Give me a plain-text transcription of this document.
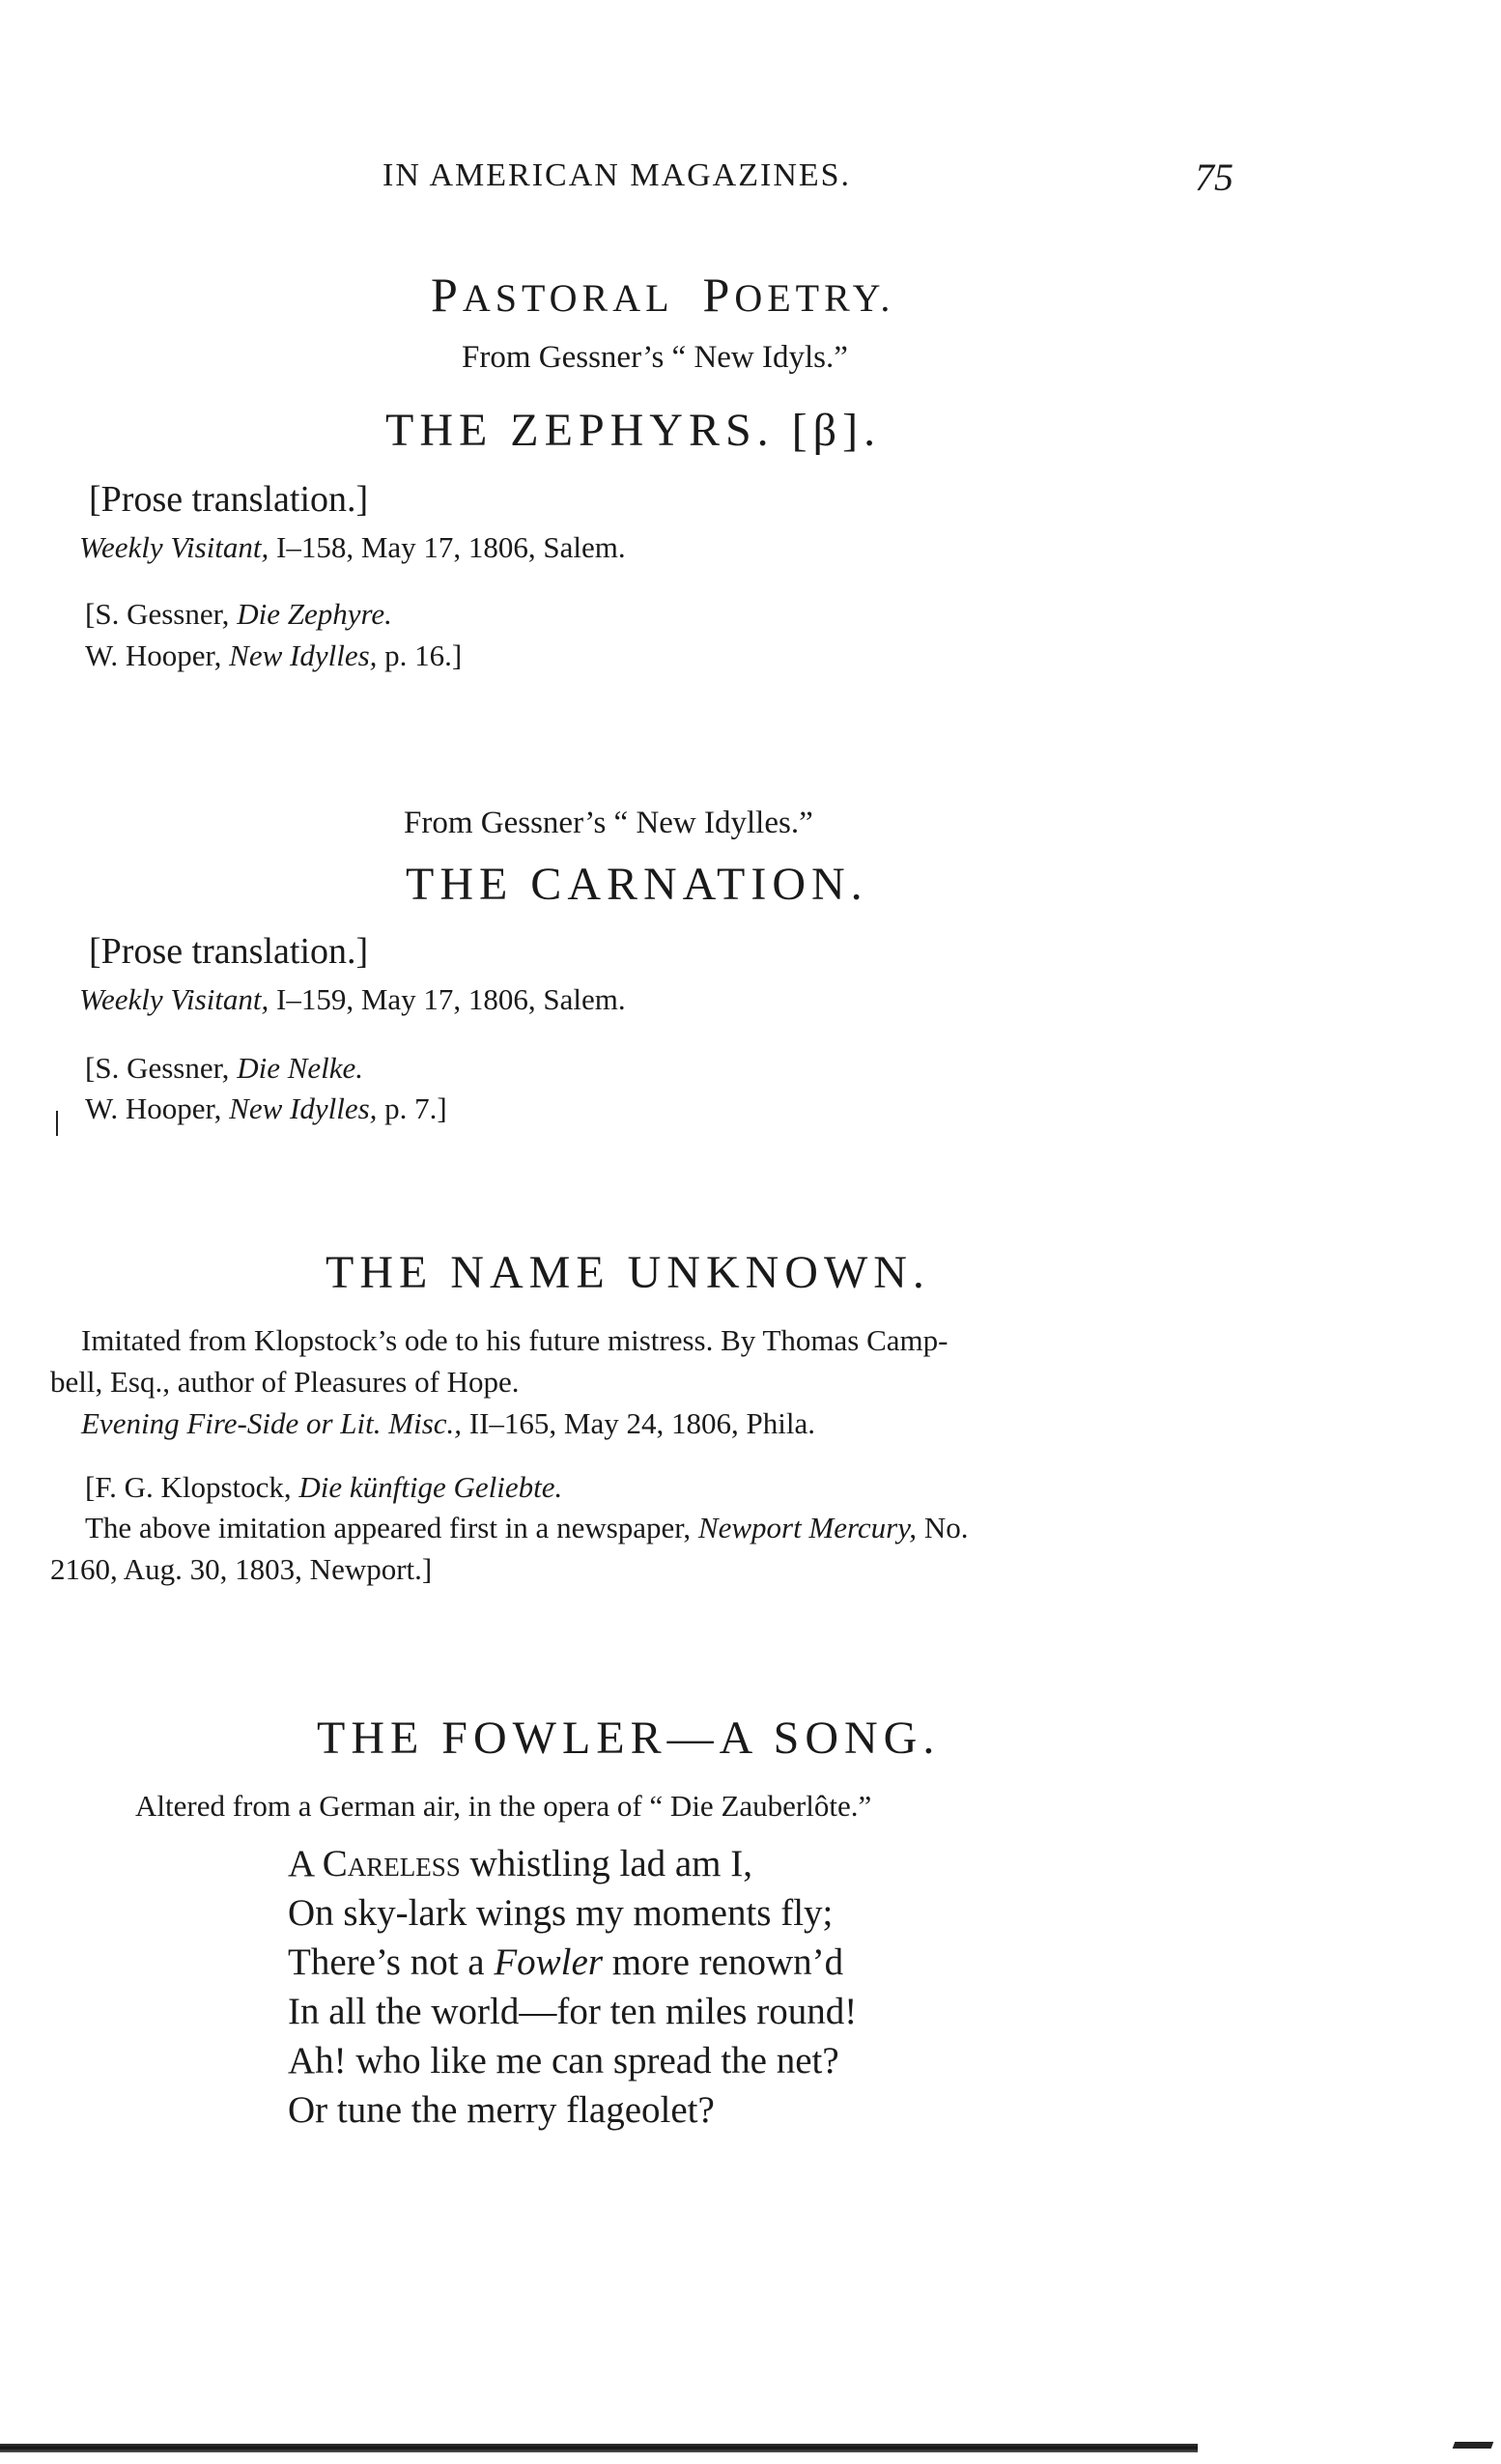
IN AMERICAN MAGAZINES.	75
PASTORAL POETRY.
From Gessner’s “ New Idyls.”
THE ZEPHYRS. [β].
[Prose translation.]
Weekly Visitant, I–158, May 17, 1806, Salem.
[S. Gessner, Die Zephyre.
W. Hooper, New Idylles, p. 16.]
From Gessner’s “ New Idylles.”
THE CARNATION.
[Prose translation.]
Weekly Visitant, I–159, May 17, 1806, Salem.
[S. Gessner, Die Nelke.
W. Hooper, New Idylles, p. 7.]
THE NAME UNKNOWN.
Imitated from Klopstock’s ode to his future mistress. By Thomas Camp-
bell, Esq., author of Pleasures of Hope.
Evening Fire-Side or Lit. Misc., II–165, May 24, 1806, Phila.
[F. G. Klopstock, Die künftige Geliebte.
The above imitation appeared first in a newspaper, Newport Mercury, No.
2160, Aug. 30, 1803, Newport.]
THE FOWLER—A SONG.
Altered from a German air, in the opera of “ Die Zauberlôte.”
A Careless whistling lad am I,
On sky-lark wings my moments fly;
There’s not a Fowler more renown’d
In all the world—for ten miles round!
Ah! who like me can spread the net?
Or tune the merry flageolet?
